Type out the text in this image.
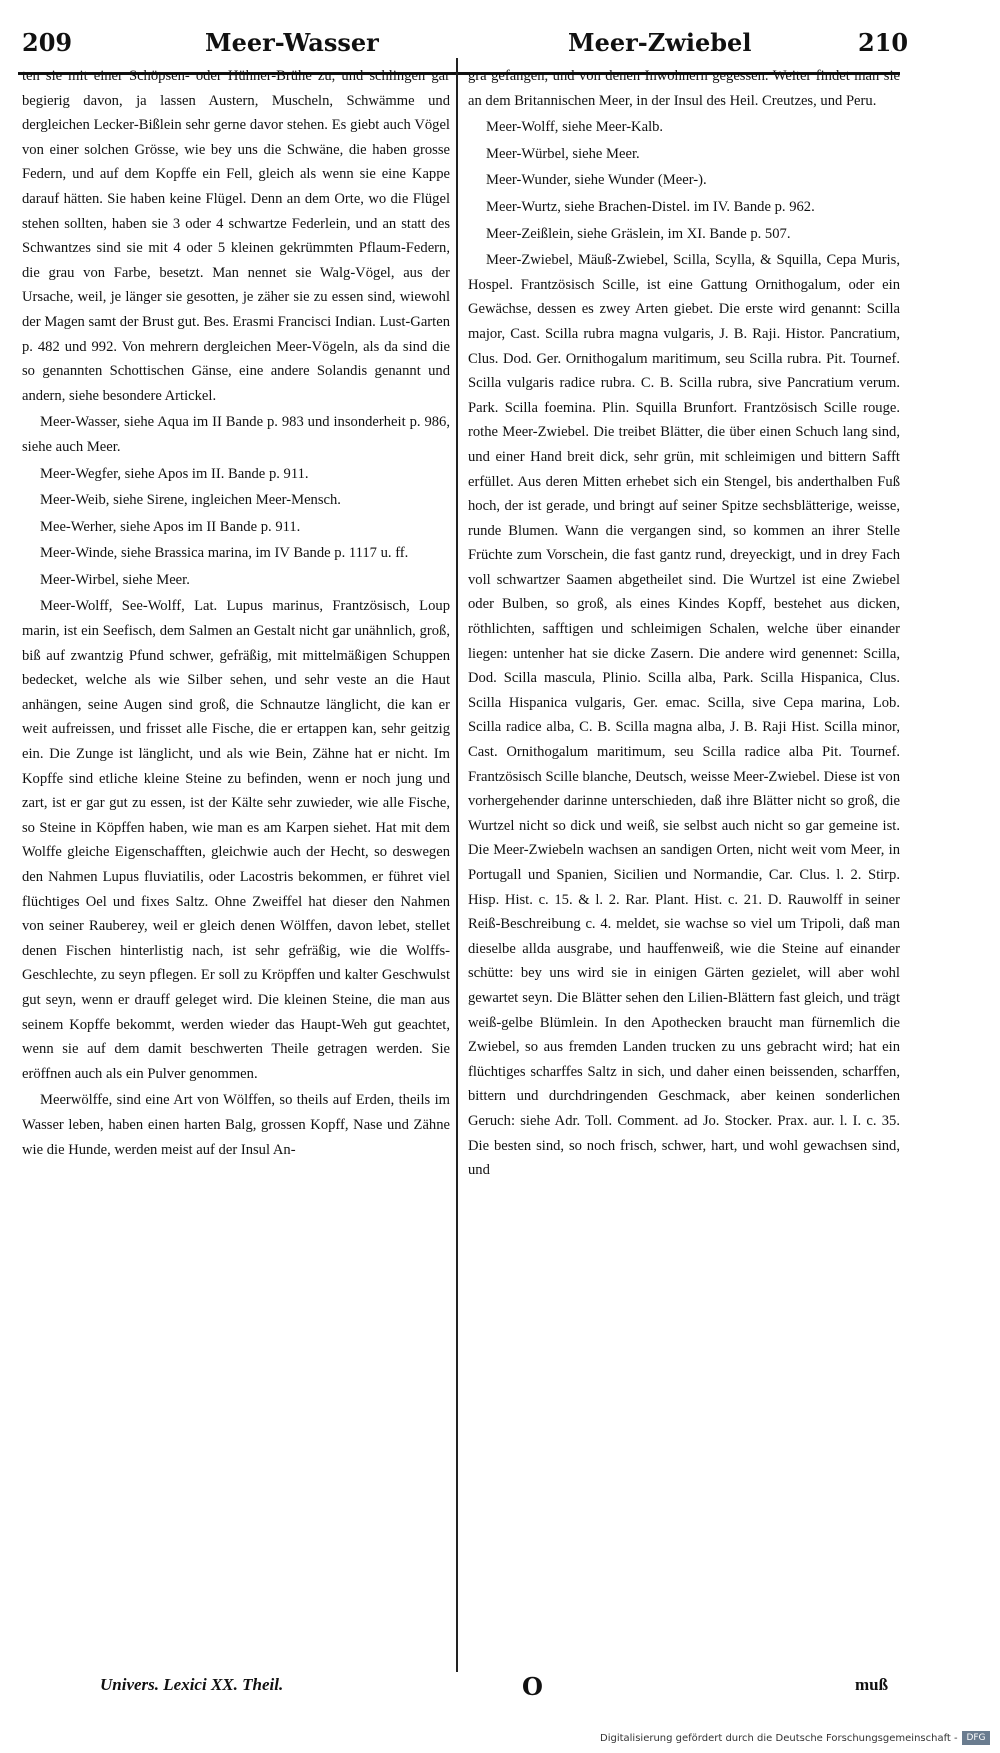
209	Meer-Wasser	Meer-Zwiebel	210

ten sie mit einer Schöpsen- oder Hühner-Brühe zu, und schlingen gar begierig davon, ja lassen Austern, Muscheln, Schwämme und dergleichen Lecker-Bißlein sehr gerne davor stehen. Es giebt auch Vögel von einer solchen Grösse, wie bey uns die Schwäne, die haben grosse Federn, und auf dem Kopffe ein Fell, gleich als wenn sie eine Kappe darauf hätten. Sie haben keine Flügel. Denn an dem Orte, wo die Flügel stehen sollten, haben sie 3 oder 4 schwartze Federlein, und an statt des Schwantzes sind sie mit 4 oder 5 kleinen gekrümmten Pflaum-Federn, die grau von Farbe, besetzt. Man nennet sie Walg-Vögel, aus der Ursache, weil, je länger sie gesotten, je zäher sie zu essen sind, wiewohl der Magen samt der Brust gut. Bes. Erasmi Francisci Indian. Lust-Garten p. 482 und 992. Von mehrern dergleichen Meer-Vögeln, als da sind die so genannten Schottischen Gänse, eine andere Solandis genannt und andern, siehe besondere Artickel.

Meer-Wasser, siehe Aqua im II Bande p. 983 und insonderheit p. 986, siehe auch Meer.

Meer-Wegfer, siehe Apos im II. Bande p. 911.

Meer-Weib, siehe Sirene, ingleichen Meer-Mensch.

Mee-Werher, siehe Apos im II Bande p. 911.

Meer-Winde, siehe Brassica marina, im IV Bande p. 1117 u. ff.

Meer-Wirbel, siehe Meer.

Meer-Wolff, See-Wolff, Lat. Lupus marinus, Frantzösisch, Loup marin, ist ein Seefisch, dem Salmen an Gestalt nicht gar unähnlich, groß, biß auf zwantzig Pfund schwer, gefräßig, mit mittelmäßigen Schuppen bedecket, welche als wie Silber sehen, und sehr veste an die Haut anhängen, seine Augen sind groß, die Schnautze länglicht, die kan er weit aufreissen, und frisset alle Fische, die er ertappen kan, sehr geitzig ein. Die Zunge ist länglicht, und als wie Bein, Zähne hat er nicht. Im Kopffe sind etliche kleine Steine zu befinden, wenn er noch jung und zart, ist er gar gut zu essen, ist der Kälte sehr zuwieder, wie alle Fische, so Steine in Köpffen haben, wie man es am Karpen siehet. Hat mit dem Wolffe gleiche Eigenschafften, gleichwie auch der Hecht, so deswegen den Nahmen Lupus fluviatilis, oder Lacostris bekommen, er führet viel flüchtiges Oel und fixes Saltz. Ohne Zweiffel hat dieser den Nahmen von seiner Rauberey, weil er gleich denen Wölffen, davon lebet, stellet denen Fischen hinterlistig nach, ist sehr gefräßig, wie die Wolffs-Geschlechte, zu seyn pflegen. Er soll zu Kröpffen und kalter Geschwulst gut seyn, wenn er drauff geleget wird. Die kleinen Steine, die man aus seinem Kopffe bekommt, werden wieder das Haupt-Weh gut geachtet, wenn sie auf dem damit beschwerten Theile getragen werden. Sie eröffnen auch als ein Pulver genommen.

Meerwölffe, sind eine Art von Wölffen, so theils auf Erden, theils im Wasser leben, haben einen harten Balg, grossen Kopff, Nase und Zähne wie die Hunde, werden meist auf der Insul An-

gra gefangen, und von denen Inwohnern gegessen. Weiter findet man sie an dem Britannischen Meer, in der Insul des Heil. Creutzes, und Peru.

Meer-Wolff, siehe Meer-Kalb.

Meer-Würbel, siehe Meer.

Meer-Wunder, siehe Wunder (Meer-).

Meer-Wurtz, siehe Brachen-Distel. im IV. Bande p. 962.

Meer-Zeißlein, siehe Gräslein, im XI. Bande p. 507.

Meer-Zwiebel, Mäuß-Zwiebel, Scilla, Scylla, & Squilla, Cepa Muris, Hospel. Frantzösisch Scille, ist eine Gattung Ornithogalum, oder ein Gewächse, dessen es zwey Arten giebet. Die erste wird genannt: Scilla major, Cast. Scilla rubra magna vulgaris, J. B. Raji. Histor. Pancratium, Clus. Dod. Ger. Ornithogalum maritimum, seu Scilla rubra. Pit. Tournef. Scilla vulgaris radice rubra. C. B. Scilla rubra, sive Pancratium verum. Park. Scilla foemina. Plin. Squilla Brunfort. Frantzösisch Scille rouge. rothe Meer-Zwiebel. Die treibet Blätter, die über einen Schuch lang sind, und einer Hand breit dick, sehr grün, mit schleimigen und bittern Safft erfüllet. Aus deren Mitten erhebet sich ein Stengel, bis anderthalben Fuß hoch, der ist gerade, und bringt auf seiner Spitze sechsblätterige, weisse, runde Blumen. Wann die vergangen sind, so kommen an ihrer Stelle Früchte zum Vorschein, die fast gantz rund, dreyeckigt, und in drey Fach voll schwartzer Saamen abgetheilet sind. Die Wurtzel ist eine Zwiebel oder Bulben, so groß, als eines Kindes Kopff, bestehet aus dicken, röthlichten, safftigen und schleimigen Schalen, welche über einander liegen: untenher hat sie dicke Zasern. Die andere wird genennet: Scilla, Dod. Scilla mascula, Plinio. Scilla alba, Park. Scilla Hispanica, Clus. Scilla Hispanica vulgaris, Ger. emac. Scilla, sive Cepa marina, Lob. Scilla radice alba, C. B. Scilla magna alba, J. B. Raji Hist. Scilla minor, Cast. Ornithogalum maritimum, seu Scilla radice alba Pit. Tournef. Frantzösisch Scille blanche, Deutsch, weisse Meer-Zwiebel. Diese ist von vorhergehender darinne unterschieden, daß ihre Blätter nicht so groß, die Wurtzel nicht so dick und weiß, sie selbst auch nicht so gar gemeine ist. Die Meer-Zwiebeln wachsen an sandigen Orten, nicht weit vom Meer, in Portugall und Spanien, Sicilien und Normandie, Car. Clus. l. 2. Stirp. Hisp. Hist. c. 15. & l. 2. Rar. Plant. Hist. c. 21. D. Rauwolff in seiner Reiß-Beschreibung c. 4. meldet, sie wachse so viel um Tripoli, daß man dieselbe allda ausgrabe, und hauffenweiß, wie die Steine auf einander schütte: bey uns wird sie in einigen Gärten gezielet, will aber wohl gewartet seyn. Die Blätter sehen den Lilien-Blättern fast gleich, und trägt weiß-gelbe Blümlein. In den Apothecken braucht man fürnemlich die Zwiebel, so aus fremden Landen trucken zu uns gebracht wird; hat ein flüchtiges scharffes Saltz in sich, und daher einen beissenden, scharffen, bittern und durchdringenden Geschmack, aber keinen sonderlichen Geruch: siehe Adr. Toll. Comment. ad Jo. Stocker. Prax. aur. l. I. c. 35. Die besten sind, so noch frisch, schwer, hart, und wohl gewachsen sind, und

Univers. Lexici XX. Theil.	O	muß
Digitalisierung gefördert durch die Deutsche Forschungsgemeinschaft - DFG
